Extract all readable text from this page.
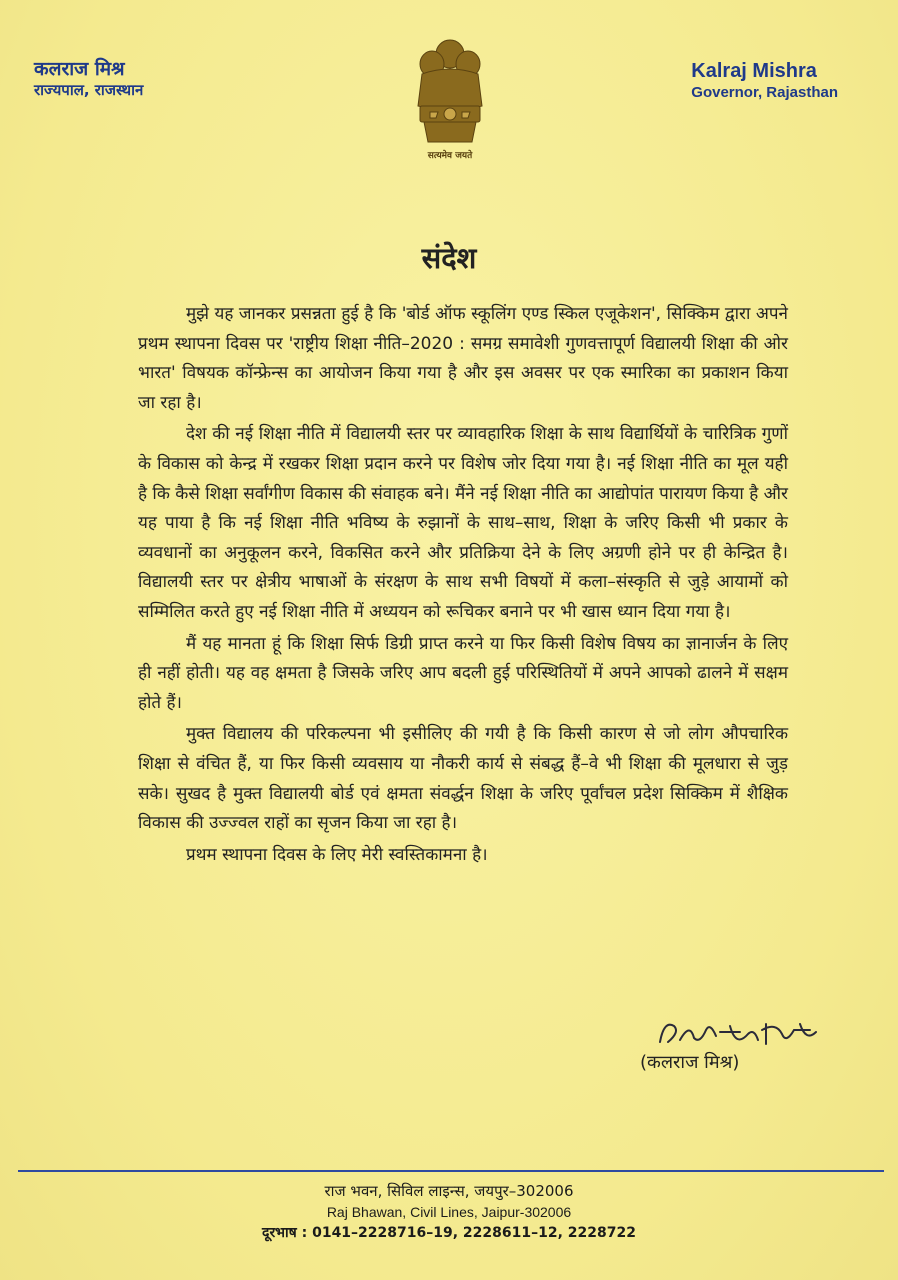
कलराज मिश्र
राज्यपाल, राजस्थान
सत्यमेव जयते
Kalraj Mishra
Governor, Rajasthan
संदेश

मुझे यह जानकर प्रसन्नता हुई है कि 'बोर्ड ऑफ स्कूलिंग एण्ड स्किल एजूकेशन', सिक्किम द्वारा अपने प्रथम स्थापना दिवस पर 'राष्ट्रीय शिक्षा नीति–2020 : समग्र समावेशी गुणवत्तापूर्ण विद्यालयी शिक्षा की ओर भारत' विषयक कॉन्फ्रेन्स का आयोजन किया गया है और इस अवसर पर एक स्मारिका का प्रकाशन किया जा रहा है।

देश की नई शिक्षा नीति में विद्यालयी स्तर पर व्यावहारिक शिक्षा के साथ विद्यार्थियों के चारित्रिक गुणों के विकास को केन्द्र में रखकर शिक्षा प्रदान करने पर विशेष जोर दिया गया है। नई शिक्षा नीति का मूल यही है कि कैसे शिक्षा सर्वांगीण विकास की संवाहक बने। मैंने नई शिक्षा नीति का आद्योपांत पारायण किया है और यह पाया है कि नई शिक्षा नीति भविष्य के रुझानों के साथ–साथ, शिक्षा के जरिए किसी भी प्रकार के व्यवधानों का अनुकूलन करने, विकसित करने और प्रतिक्रिया देने के लिए अग्रणी होने पर ही केन्द्रित है। विद्यालयी स्तर पर क्षेत्रीय भाषाओं के संरक्षण के साथ सभी विषयों में कला–संस्कृति से जुड़े आयामों को सम्मिलित करते हुए नई शिक्षा नीति में अध्ययन को रूचिकर बनाने पर भी खास ध्यान दिया गया है।

मैं यह मानता हूं कि शिक्षा सिर्फ डिग्री प्राप्त करने या फिर किसी विशेष विषय का ज्ञानार्जन के लिए ही नहीं होती। यह वह क्षमता है जिसके जरिए आप बदली हुई परिस्थितियों में अपने आपको ढालने में सक्षम होते हैं।

मुक्त विद्यालय की परिकल्पना भी इसीलिए की गयी है कि किसी कारण से जो लोग औपचारिक शिक्षा से वंचित हैं, या फिर किसी व्यवसाय या नौकरी कार्य से संबद्ध हैं–वे भी शिक्षा की मूलधारा से जुड़ सके। सुखद है मुक्त विद्यालयी बोर्ड एवं क्षमता संवर्द्धन शिक्षा के जरिए पूर्वांचल प्रदेश सिक्किम में शैक्षिक विकास की उज्ज्वल राहों का सृजन किया जा रहा है।

प्रथम स्थापना दिवस के लिए मेरी स्वस्तिकामना है।

(कलराज मिश्र)
राज भवन, सिविल लाइन्स, जयपुर–302006
Raj Bhawan, Civil Lines, Jaipur-302006
दूरभाष : 0141–2228716–19, 2228611–12, 2228722
